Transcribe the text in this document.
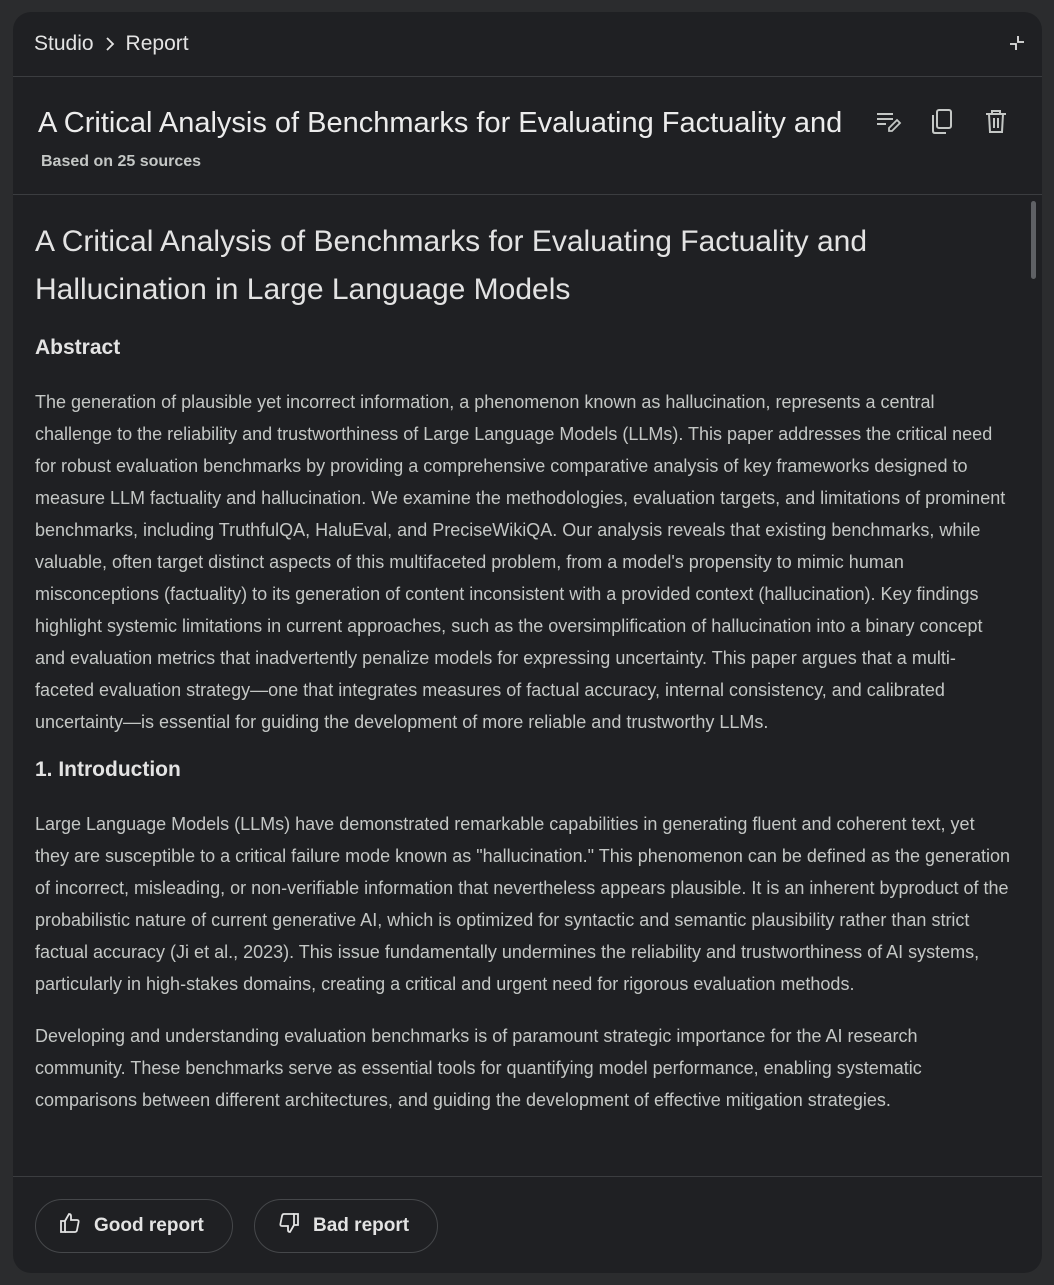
Studio Report
A Critical Analysis of Benchmarks for Evaluating Factuality and
Based on 25 sources
A Critical Analysis of Benchmarks for Evaluating Factuality and Hallucination in Large Language Models
Abstract

The generation of plausible yet incorrect information, a phenomenon known as hallucination, represents a central challenge to the reliability and trustworthiness of Large Language Models (LLMs). This paper addresses the critical need for robust evaluation benchmarks by providing a comprehensive comparative analysis of key frameworks designed to measure LLM factuality and hallucination. We examine the methodologies, evaluation targets, and limitations of prominent benchmarks, including TruthfulQA, HaluEval, and PreciseWikiQA. Our analysis reveals that existing benchmarks, while valuable, often target distinct aspects of this multifaceted problem, from a model's propensity to mimic human misconceptions (factuality) to its generation of content inconsistent with a provided context (hallucination). Key findings highlight systemic limitations in current approaches, such as the oversimplification of hallucination into a binary concept and evaluation metrics that inadvertently penalize models for expressing uncertainty. This paper argues that a multi-faceted evaluation strategy—one that integrates measures of factual accuracy, internal consistency, and calibrated uncertainty—is essential for guiding the development of more reliable and trustworthy LLMs.

1. Introduction

Large Language Models (LLMs) have demonstrated remarkable capabilities in generating fluent and coherent text, yet they are susceptible to a critical failure mode known as "hallucination." This phenomenon can be defined as the generation of incorrect, misleading, or non-verifiable information that nevertheless appears plausible. It is an inherent byproduct of the probabilistic nature of current generative AI, which is optimized for syntactic and semantic plausibility rather than strict factual accuracy (Ji et al., 2023). This issue fundamentally undermines the reliability and trustworthiness of AI systems, particularly in high-stakes domains, creating a critical and urgent need for rigorous evaluation methods.

Developing and understanding evaluation benchmarks is of paramount strategic importance for the AI research community. These benchmarks serve as essential tools for quantifying model performance, enabling systematic comparisons between different architectures, and guiding the development of effective mitigation strategies.

Good report	Bad report
